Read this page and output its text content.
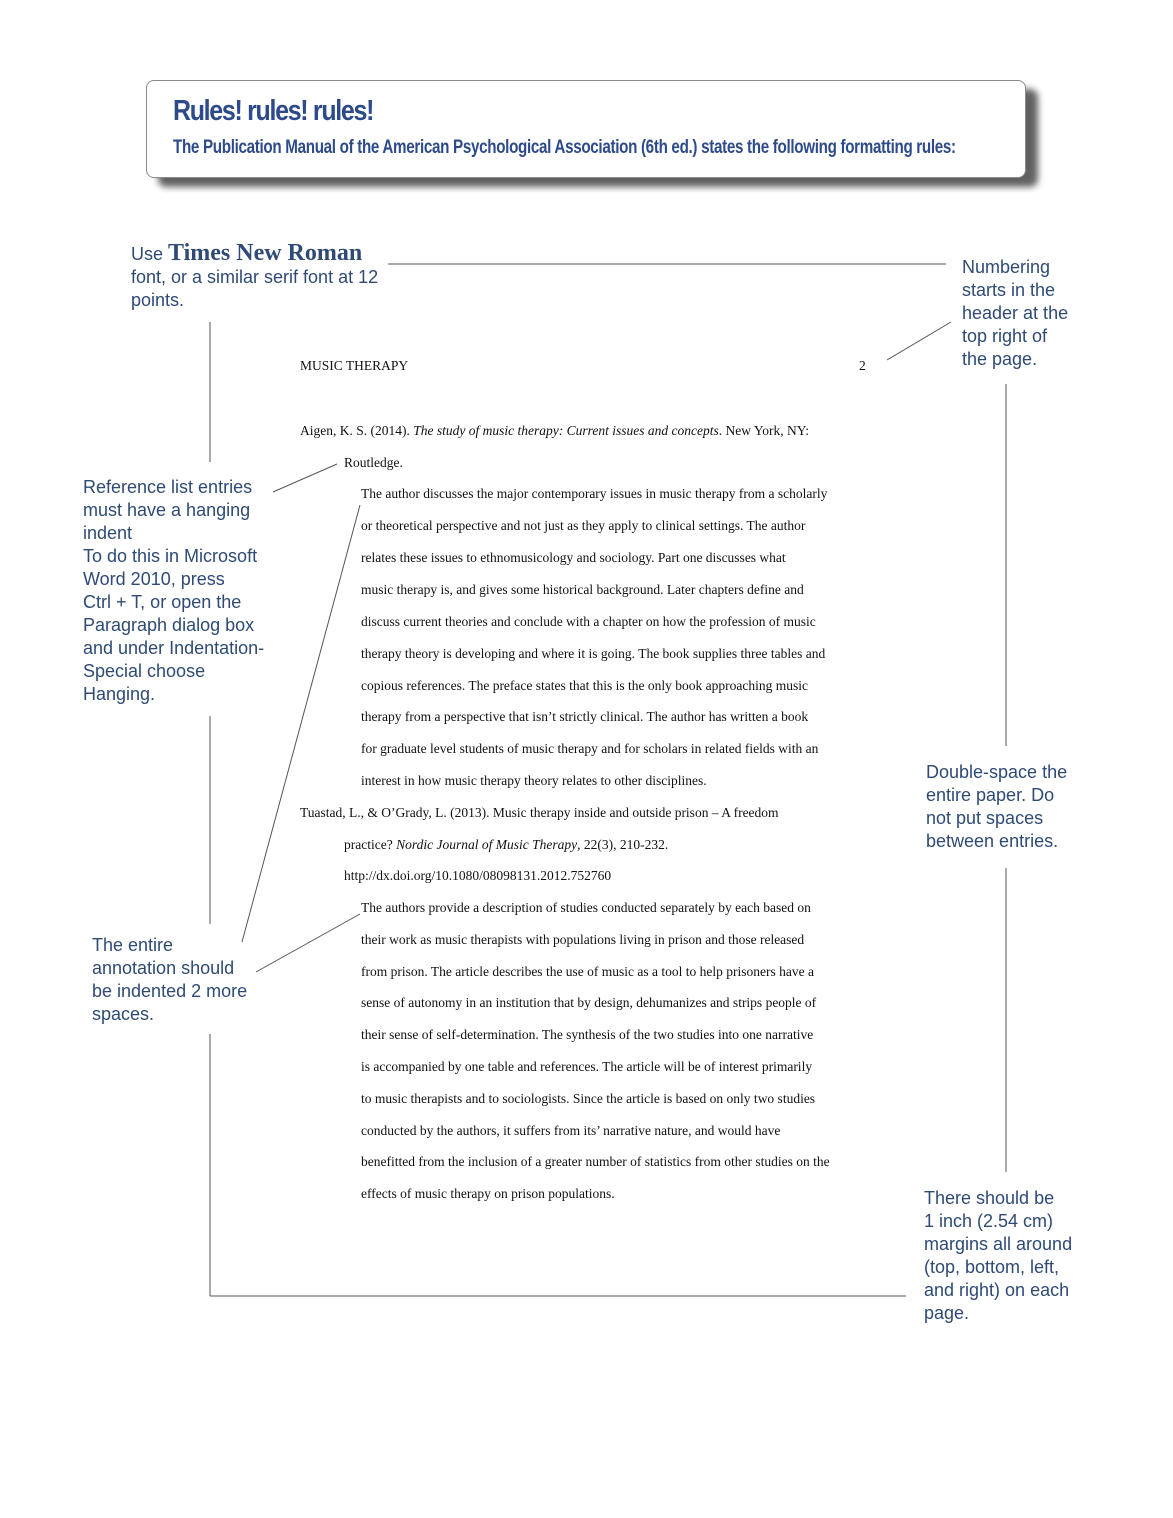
Rules! rules! rules!

The Publication Manual of the American Psychological Association (6th ed.) states the following formatting rules:

Use Times New Roman
font, or a similar serif font at 12 points.
Reference list entries
must have a hanging
indent
To do this in Microsoft
Word 2010, press
Ctrl + T, or open the
Paragraph dialog box
and under Indentation-
Special choose
Hanging.
The entire
annotation should
be indented 2 more
spaces.
Numbering
starts in the
header at the
top right of
the page.
Double-space the
entire paper. Do
not put spaces
between entries.
There should be
1 inch (2.54 cm)
margins all around
(top, bottom, left,
and right) on each
page.
MUSIC THERAPY	2
Aigen, K. S. (2014). The study of music therapy: Current issues and concepts. New York, NY:
Routledge.
The author discusses the major contemporary issues in music therapy from a scholarly
or theoretical perspective and not just as they apply to clinical settings. The author
relates these issues to ethnomusicology and sociology. Part one discusses what
music therapy is, and gives some historical background. Later chapters define and
discuss current theories and conclude with a chapter on how the profession of music
therapy theory is developing and where it is going. The book supplies three tables and
copious references. The preface states that this is the only book approaching music
therapy from a perspective that isn’t strictly clinical. The author has written a book
for graduate level students of music therapy and for scholars in related fields with an
interest in how music therapy theory relates to other disciplines.
Tuastad, L., & O’Grady, L. (2013). Music therapy inside and outside prison – A freedom
practice? Nordic Journal of Music Therapy, 22(3), 210-232.
http://dx.doi.org/10.1080/08098131.2012.752760
The authors provide a description of studies conducted separately by each based on
their work as music therapists with populations living in prison and those released
from prison. The article describes the use of music as a tool to help prisoners have a
sense of autonomy in an institution that by design, dehumanizes and strips people of
their sense of self-determination. The synthesis of the two studies into one narrative
is accompanied by one table and references. The article will be of interest primarily
to music therapists and to sociologists. Since the article is based on only two studies
conducted by the authors, it suffers from its’ narrative nature, and would have
benefitted from the inclusion of a greater number of statistics from other studies on the
effects of music therapy on prison populations.
